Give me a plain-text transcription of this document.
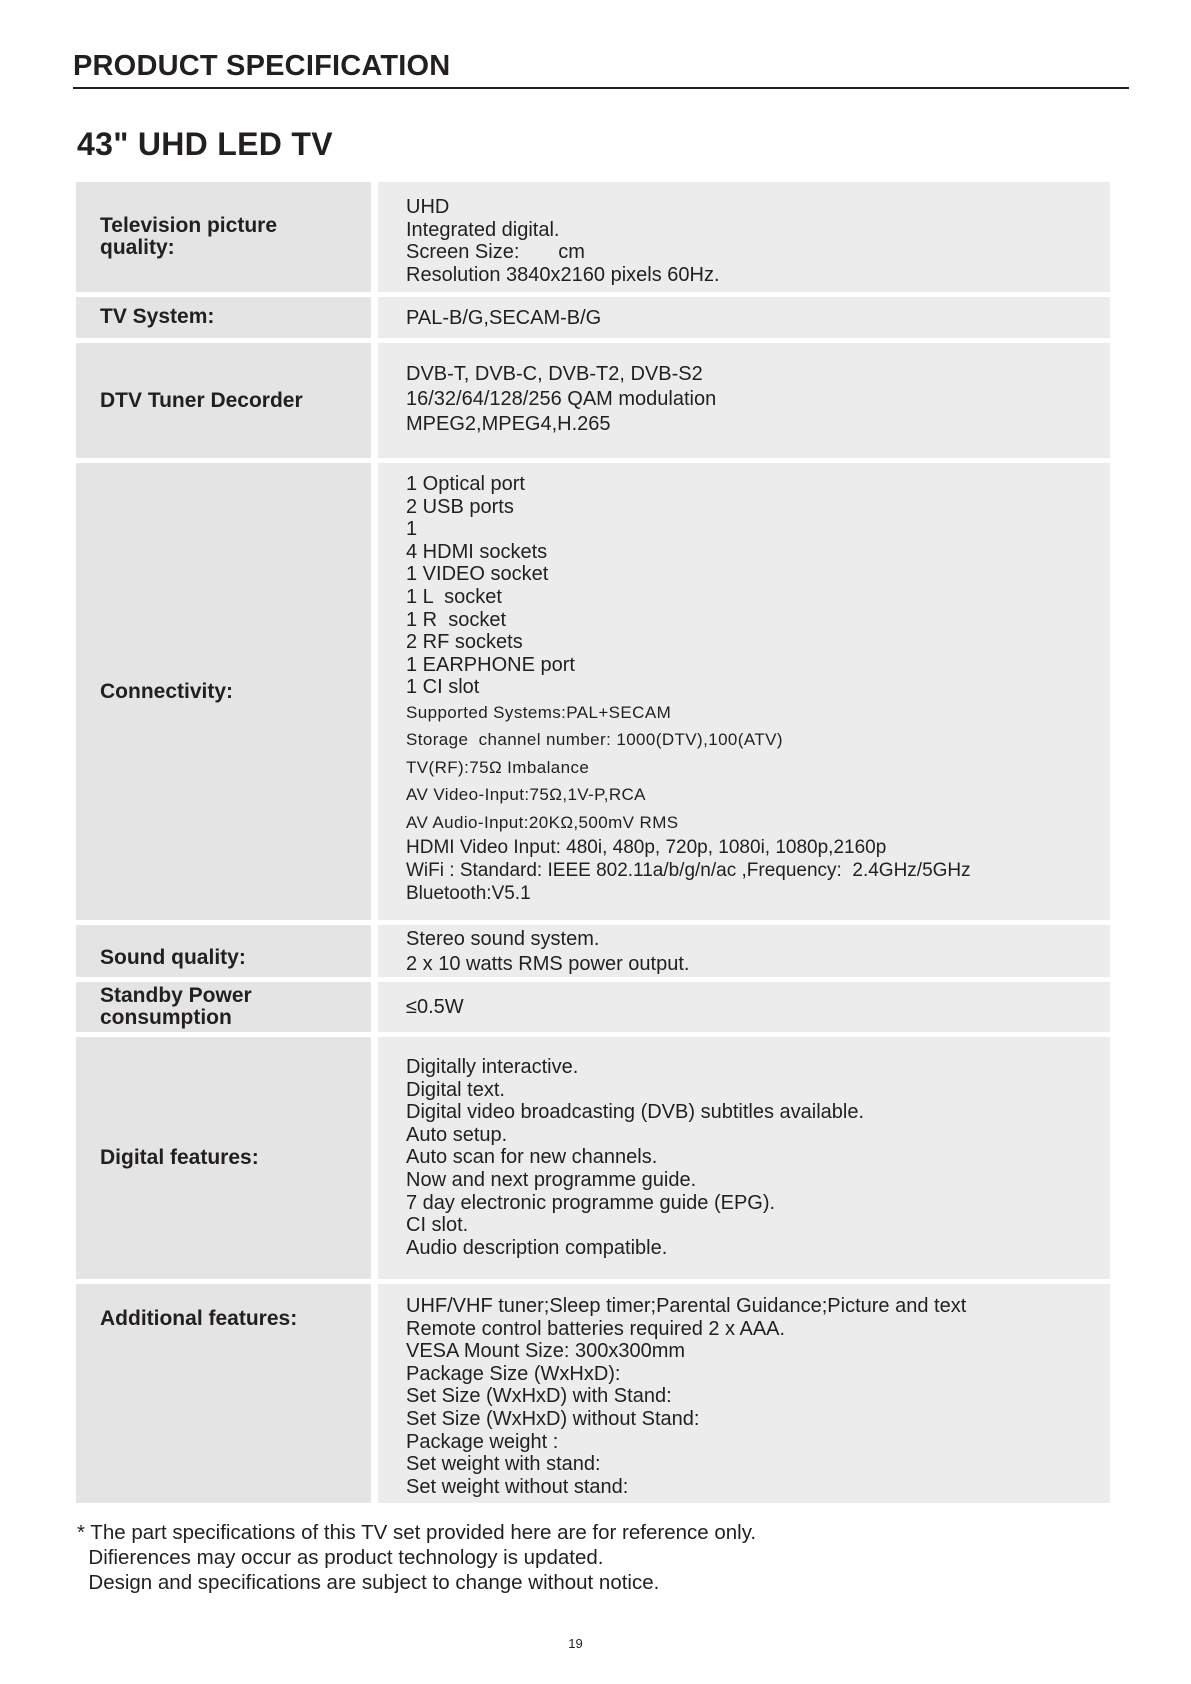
PRODUCT SPECIFICATION
43" UHD LED TV
Television picture quality:
UHD
Integrated digital.
Screen Size:       cm
Resolution 3840x2160 pixels 60Hz.
TV System:	PAL-B/G,SECAM-B/G
DTV Tuner Decorder
DVB-T, DVB-C, DVB-T2, DVB-S2
16/32/64/128/256 QAM modulation
MPEG2,MPEG4,H.265
Connectivity:
1 Optical port
2 USB ports
1
4 HDMI sockets
1 VIDEO socket
1 L  socket
1 R  socket
2 RF sockets
1 EARPHONE port
1 CI slot
Supported Systems:PAL+SECAM
Storage  channel number: 1000(DTV),100(ATV)
TV(RF):75Ω Imbalance
AV Video-Input:75Ω,1V-P,RCA
AV Audio-Input:20KΩ,500mV RMS
HDMI Video Input: 480i, 480p, 720p, 1080i, 1080p,2160p
WiFi : Standard: IEEE 802.11a/b/g/n/ac ,Frequency:  2.4GHz/5GHz
Bluetooth:V5.1
Sound quality:
Stereo sound system.
2 x 10 watts RMS power output.
Standby Power consumption	≤0.5W
Digital features:
Digitally interactive.
Digital text.
Digital video broadcasting (DVB) subtitles available.
Auto setup.
Auto scan for new channels.
Now and next programme guide.
7 day electronic programme guide (EPG).
CI slot.
Audio description compatible.
Additional features:
UHF/VHF tuner;Sleep timer;Parental Guidance;Picture and text
Remote control batteries required 2 x AAA.
VESA Mount Size: 300x300mm
Package Size (WxHxD):
Set Size (WxHxD) with Stand:
Set Size (WxHxD) without Stand:
Package weight :
Set weight with stand:
Set weight without stand:
* The part specifications of this TV set provided here are for reference only.
Diﬁerences may occur as product technology is updated.
Design and specifications are subject to change without notice.
19
